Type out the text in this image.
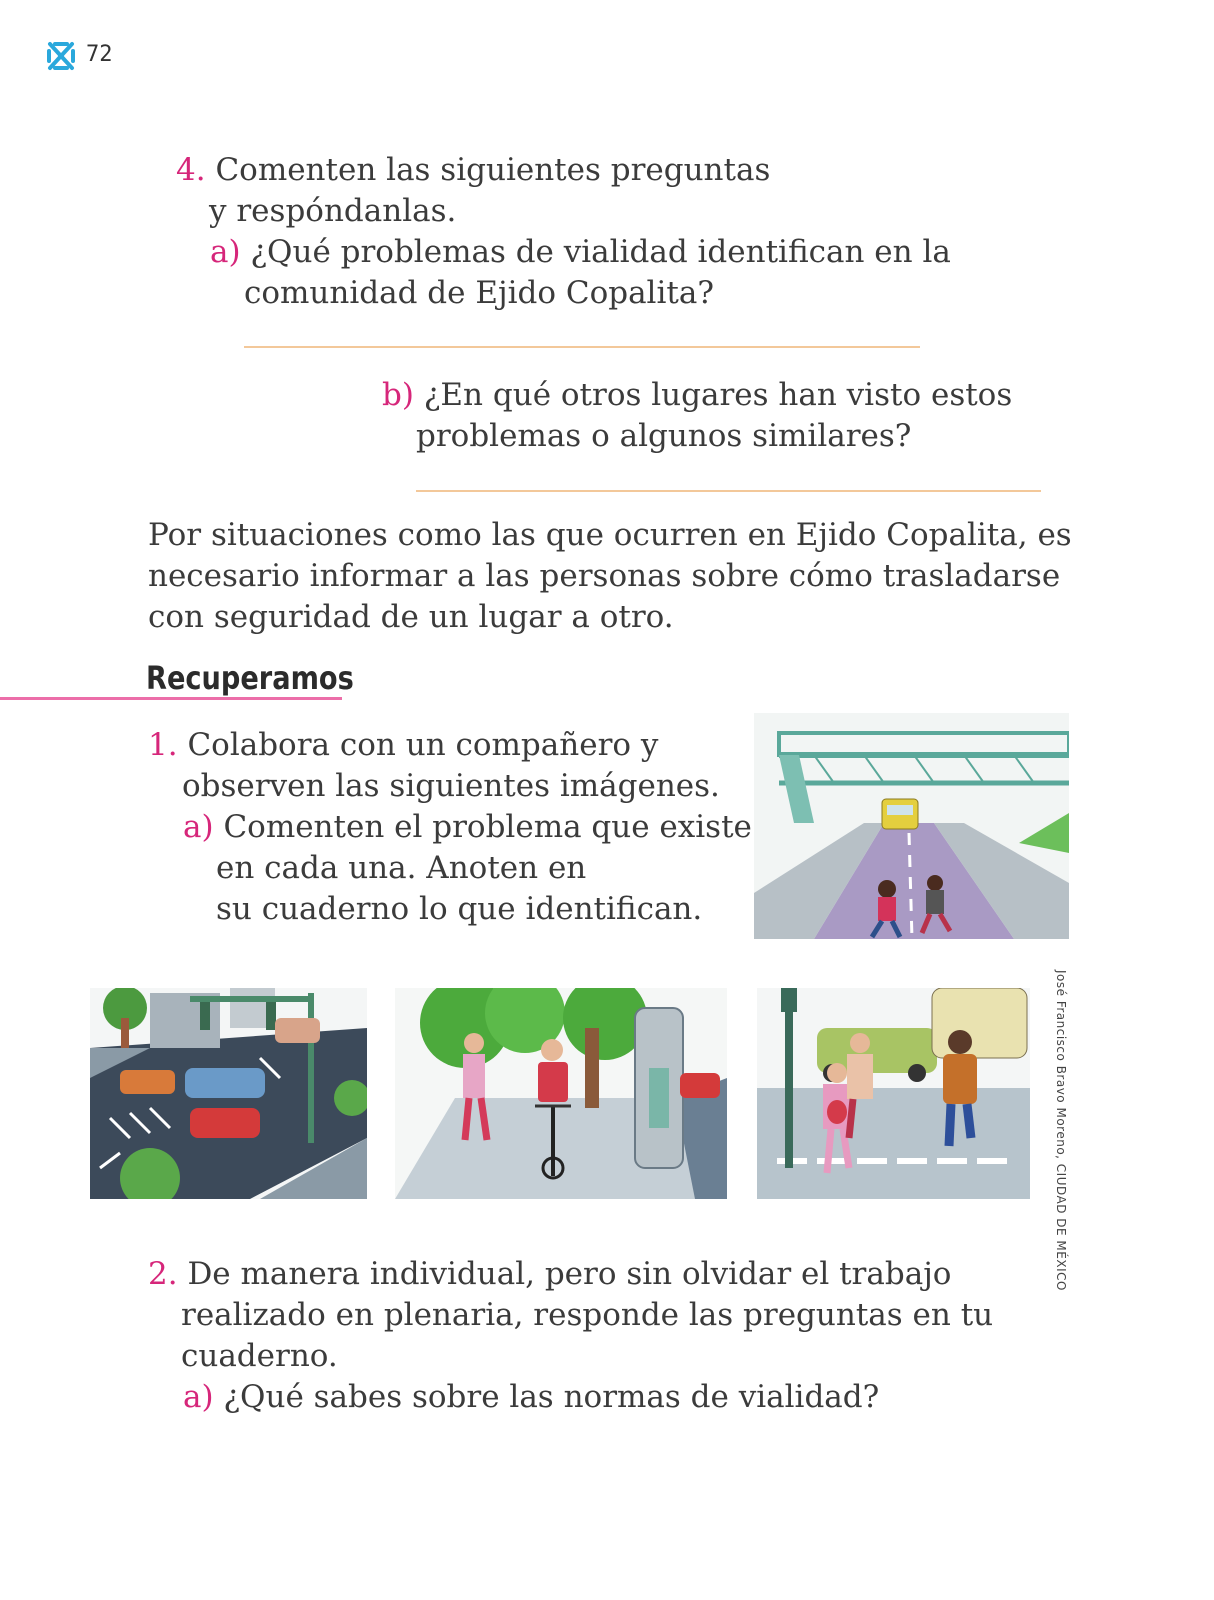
72
4. Comenten las siguientes preguntas
y respóndanlas.
a) ¿Qué problemas de vialidad identifican en la
comunidad de Ejido Copalita?
b) ¿En qué otros lugares han visto estos
problemas o algunos similares?
Por situaciones como las que ocurren en Ejido Copalita, es
necesario informar a las personas sobre cómo trasladarse
con seguridad de un lugar a otro.
Recuperamos
1. Colabora con un compañero y
observen las siguientes imágenes.
a) Comenten el problema que existe
en cada una. Anoten en
su cuaderno lo que identifican.
José Francisco Bravo Moreno, CIUDAD DE MÉXICO
2. De manera individual, pero sin olvidar el trabajo
realizado en plenaria, responde las preguntas en tu
cuaderno.
a) ¿Qué sabes sobre las normas de vialidad?
